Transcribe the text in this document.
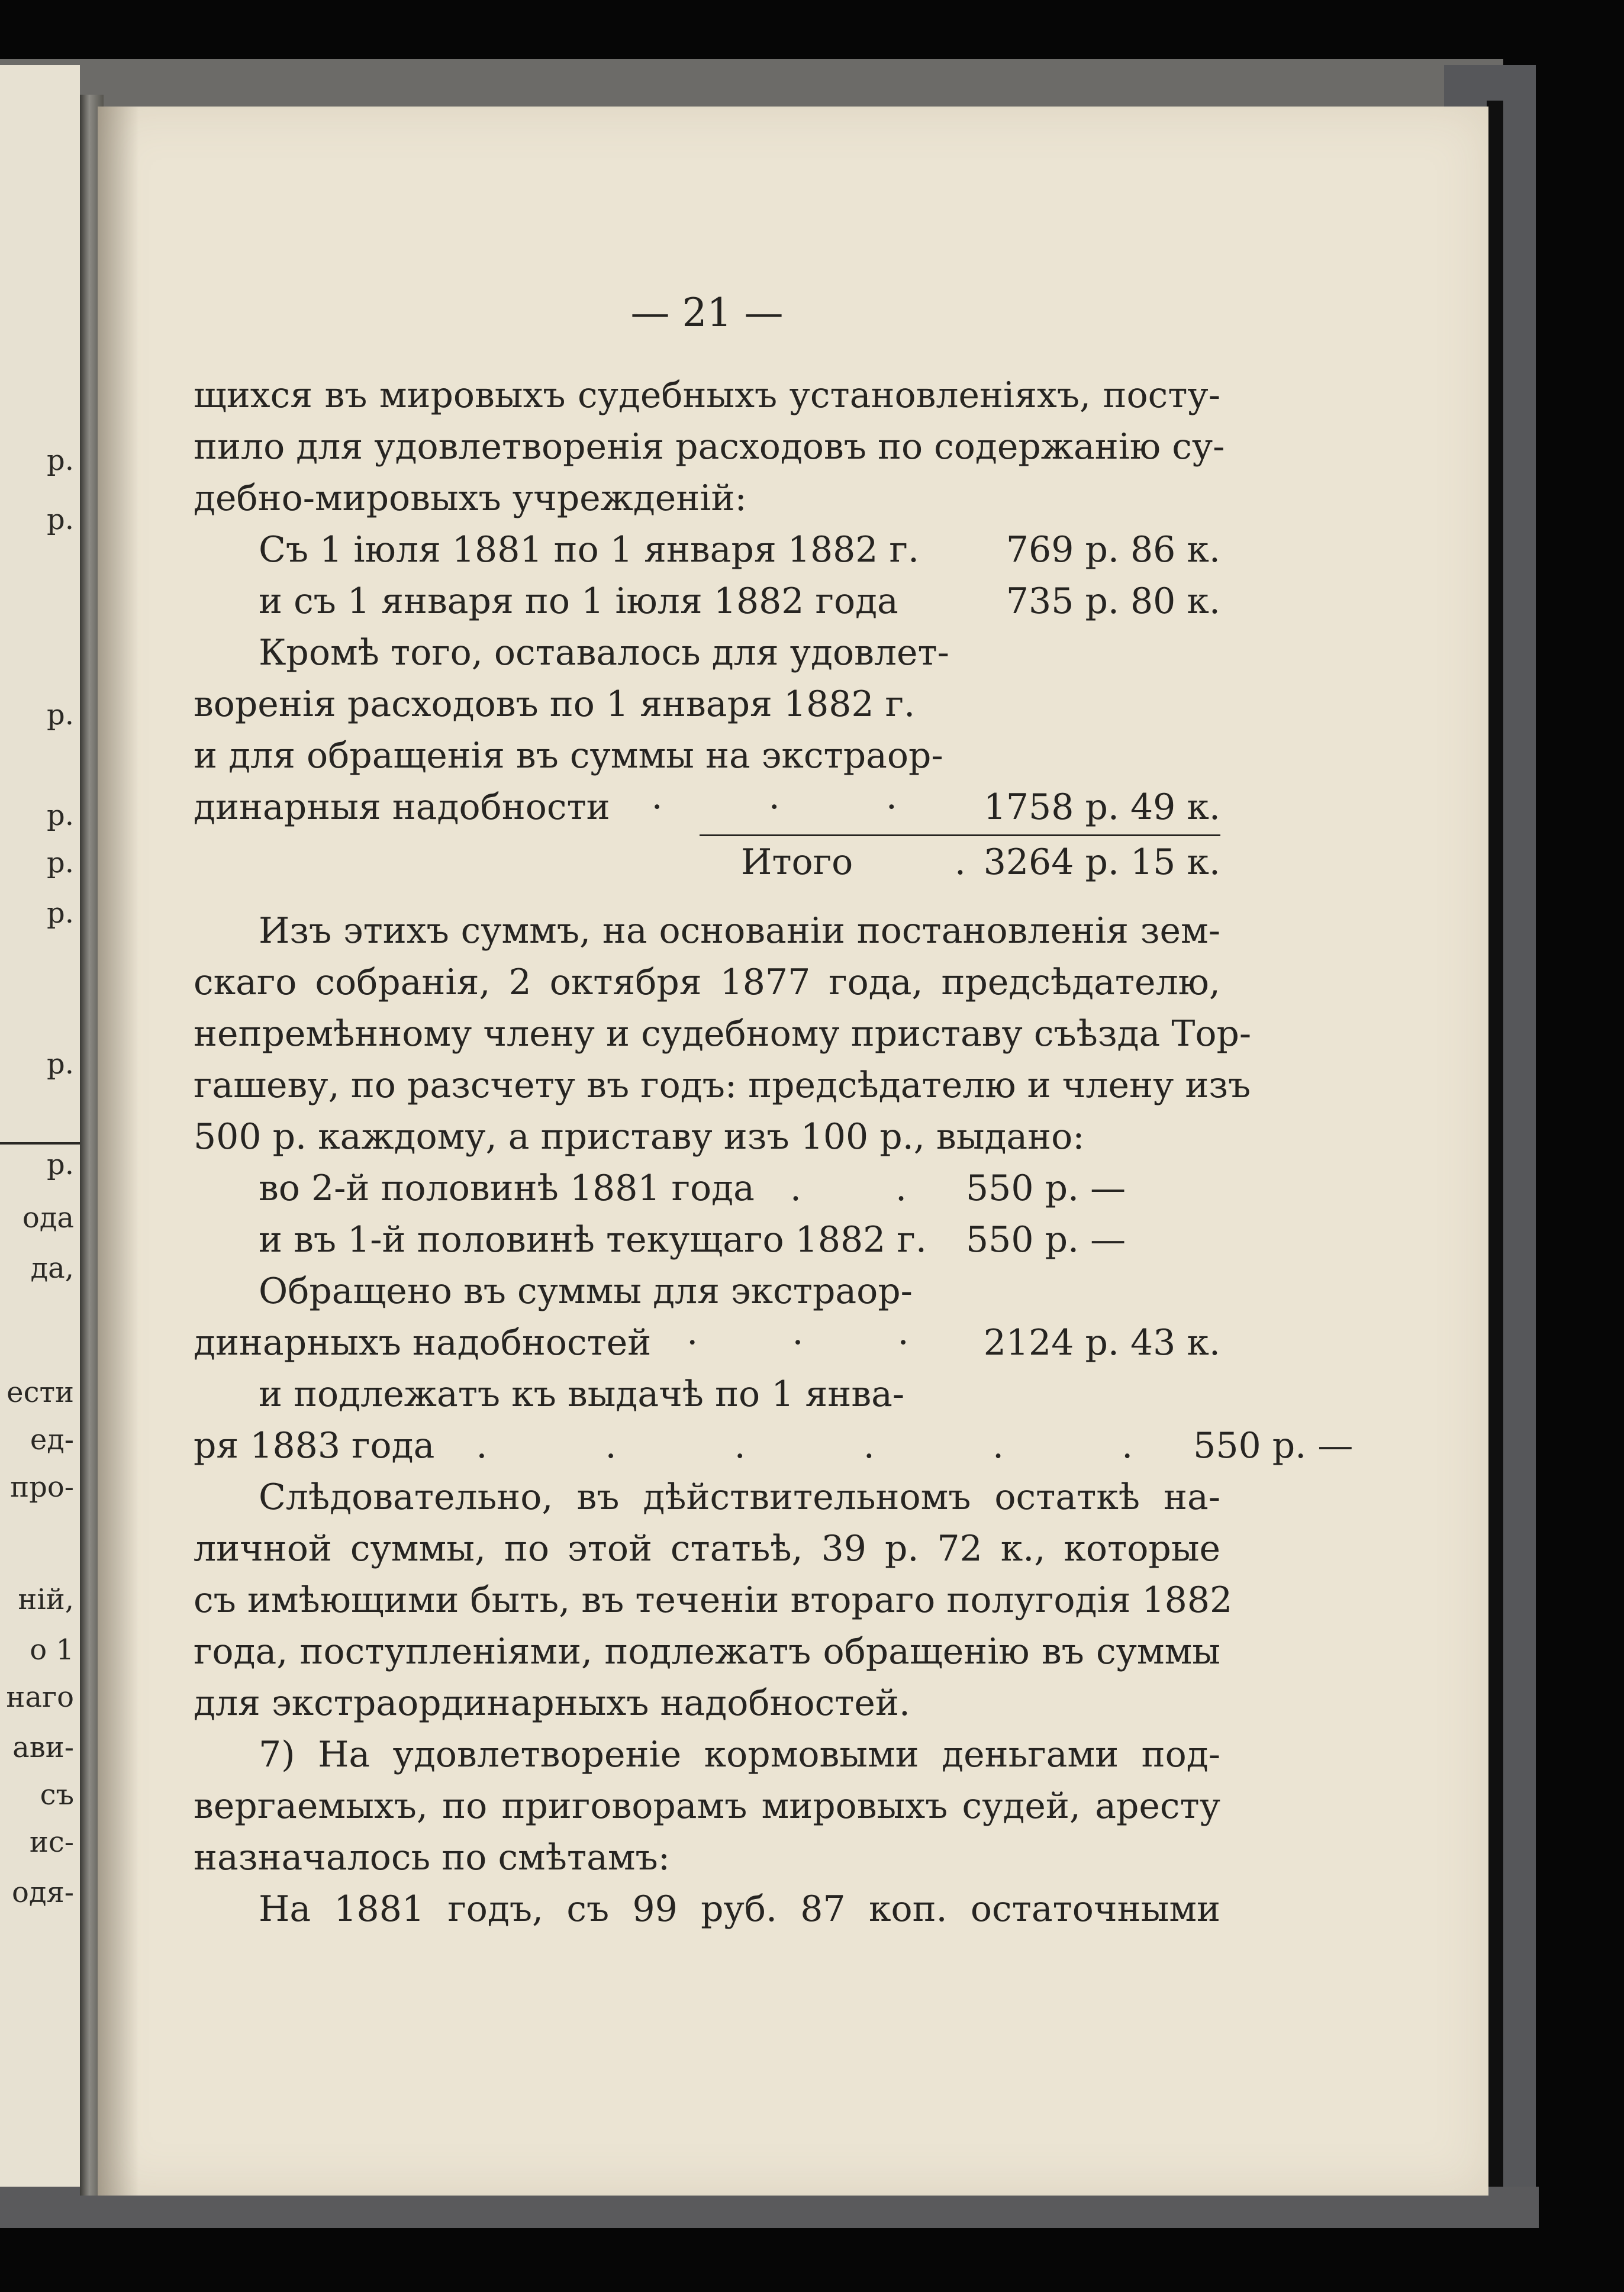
р.
р.
р.
р.
р.
р.
р.
р.
ода
да,
ести
ед-
про-
ній,
о 1
наго
ави-
съ
ис-
одя-
— 21 —
щихся въ мировыхъ судебныхъ установленіяхъ, посту-
пило для удовлетворенія расходовъ по содержанію су-
дебно-мировыхъ учрежденій:
Съ 1 іюля 1881 по 1 января 1882 г.	769 р. 86 к.
и съ 1 января по 1 іюля 1882 года	735 р. 80 к.
Кромѣ того, оставалось для удовлет-
воренія расходовъ по 1 января 1882 г.
и для обращенія въ суммы на экстраор-
динарныя надобности	· · ·	1758 р. 49 к.
Итого	. 3264 р. 15 к.
Изъ этихъ суммъ, на основаніи постановленія зем-
скаго собранія, 2 октября 1877 года, предсѣдателю,
непремѣнному члену и судебному приставу съѣзда Тор-
гашеву, по разсчету въ годъ: предсѣдателю и члену изъ
500 р. каждому, а приставу изъ 100 р., выдано:
во 2-й половинѣ 1881 года	. . 550 р. —
и въ 1-й половинѣ текущаго 1882 г. 550 р. —
Обращено въ суммы для экстраор-
динарныхъ надобностей	· · · 2124 р. 43 к.
и подлежатъ къ выдачѣ по 1 янва-
ря 1883 года	. . . . . . 550 р. —
Слѣдовательно, въ дѣйствительномъ остаткѣ на-
личной суммы, по этой статьѣ, 39 р. 72 к., которые
съ имѣющими быть, въ теченіи втораго полугодія 1882
года, поступленіями, подлежатъ обращенію въ суммы
для экстраординарныхъ надобностей.
7) На удовлетвореніе кормовыми деньгами под-
вергаемыхъ, по приговорамъ мировыхъ судей, аресту
назначалось по смѣтамъ:
На 1881 годъ, съ 99 руб. 87 коп. остаточными
